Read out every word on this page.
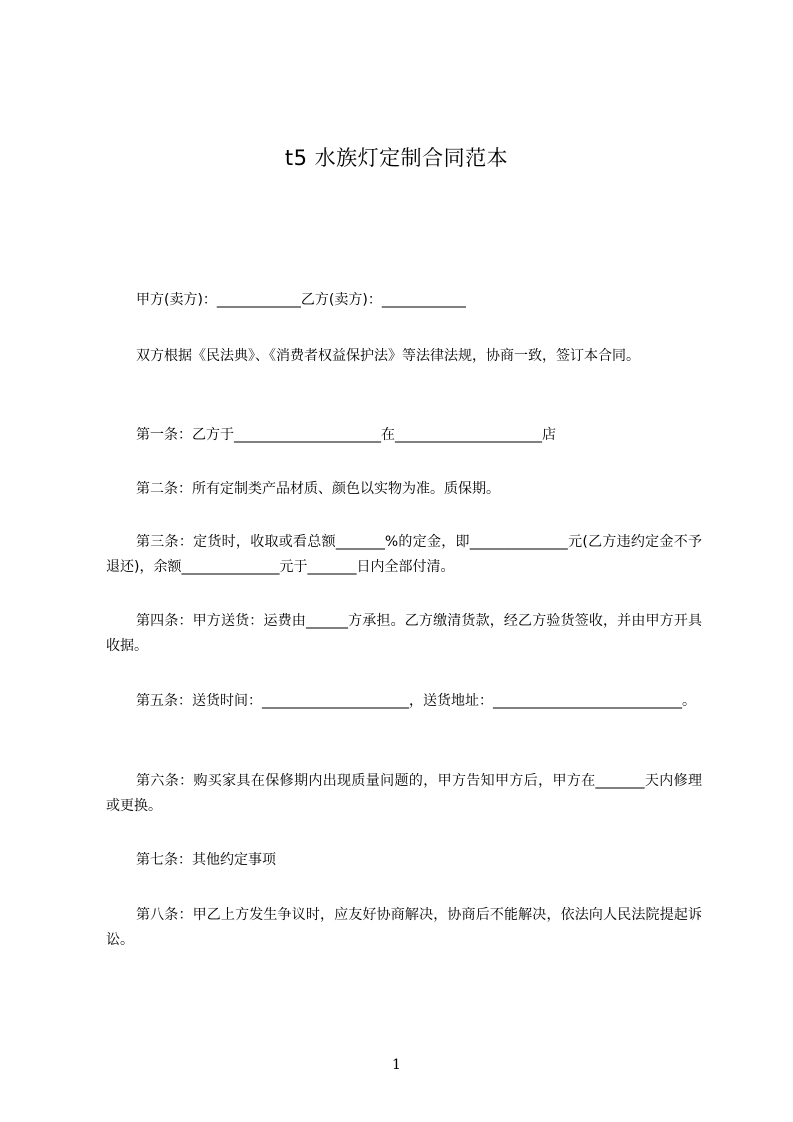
t5 水族灯定制合同范本

甲方(卖方)：____________乙方(卖方)：____________

双方根据《民法典》、《消费者权益保护法》等法律法规，协商一致，签订本合同。

第一条：乙方于_____________________在_____________________店

第二条：所有定制类产品材质、颜色以实物为准。质保期。

第三条：定货时，收取或看总额_______%的定金，即______________元(乙方违约定金不予退还)，余额______________元于_______日内全部付清。

第四条：甲方送货：运费由______方承担。乙方缴清货款，经乙方验货签收，并由甲方开具收据。

第五条：送货时间：_____________________，送货地址：___________________________。

第六条：购买家具在保修期内出现质量问题的，甲方告知甲方后，甲方在_______天内修理或更换。

第七条：其他约定事项

第八条：甲乙上方发生争议时，应友好协商解决，协商后不能解决，依法向人民法院提起诉讼。

1
